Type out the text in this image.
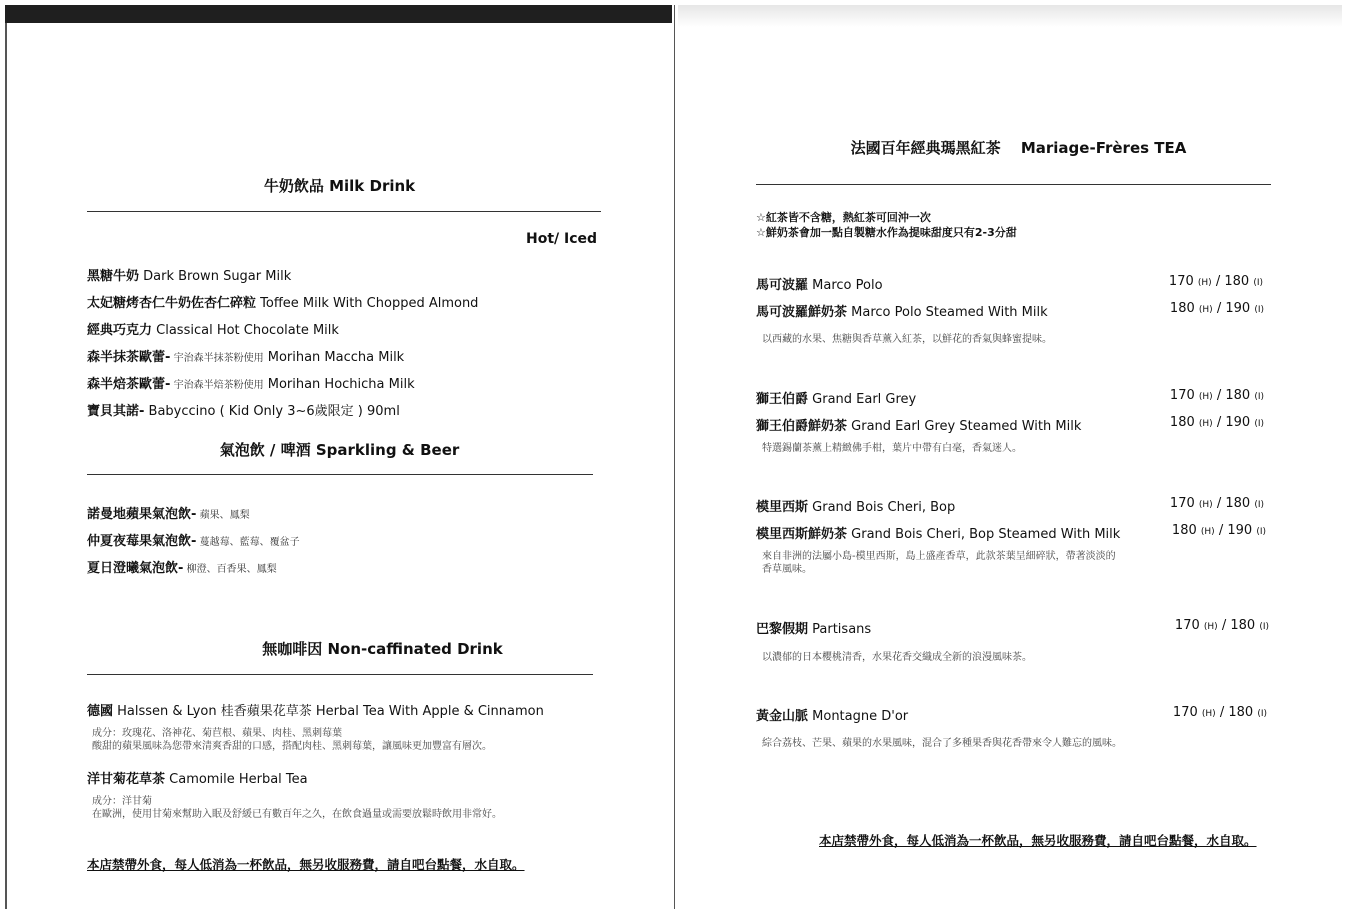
牛奶飲品 Milk Drink
Hot/ Iced
黑糖牛奶 Dark Brown Sugar Milk
太妃糖烤杏仁牛奶佐杏仁碎粒 Toffee Milk With Chopped Almond
經典巧克力 Classical Hot Chocolate Milk
森半抹茶歐蕾- 宇治森半抹茶粉使用 Morihan Maccha Milk
森半焙茶歐蕾- 宇治森半焙茶粉使用 Morihan Hochicha Milk
寶貝其諾- Babyccino ( Kid Only 3~6歲限定 ) 90ml
氣泡飲 / 啤酒 Sparkling & Beer
諾曼地蘋果氣泡飲- 蘋果、鳳梨
仲夏夜莓果氣泡飲- 蔓越莓、藍莓、覆盆子
夏日澄曦氣泡飲- 柳澄、百香果、鳳梨
無咖啡因 Non-caffinated Drink
德國 Halssen & Lyon 桂香蘋果花草茶 Herbal Tea With Apple & Cinnamon
成分：玫瑰花、洛神花、菊苣根、蘋果、肉桂、黑刺莓葉
酸甜的蘋果風味為您帶來清爽香甜的口感，搭配肉桂、黑刺莓葉，讓風味更加豐富有層次。
洋甘菊花草茶 Camomile Herbal Tea
成分：洋甘菊
在歐洲，使用甘菊來幫助入眠及舒緩已有數百年之久，在飲食過量或需要放鬆時飲用非常好。
本店禁帶外食，每人低消為一杯飲品，無另收服務費，請自吧台點餐，水自取。
法國百年經典瑪黑紅茶　 Mariage-Frères TEA
☆紅茶皆不含糖，熱紅茶可回沖一次
☆鮮奶茶會加一點自製糖水作為提味甜度只有2-3分甜
馬可波羅 Marco Polo	170 (H) / 180 (I)
馬可波羅鮮奶茶 Marco Polo Steamed With Milk	180 (H) / 190 (I)
獅王伯爵 Grand Earl Grey	170 (H) / 180 (I)
獅王伯爵鮮奶茶 Grand Earl Grey Steamed With Milk	180 (H) / 190 (I)
模里西斯 Grand Bois Cheri, Bop	170 (H) / 180 (I)
模里西斯鮮奶茶 Grand Bois Cheri, Bop Steamed With Milk	180 (H) / 190 (I)
巴黎假期 Partisans	170 (H) / 180 (I)
黃金山脈 Montagne D'or	170 (H) / 180 (I)
以西藏的水果、焦糖與香草薰入紅茶，以鮮花的香氣與蜂蜜提味。
特選錫蘭茶薰上精緻佛手柑，葉片中帶有白毫，香氣迷人。
來自非洲的法屬小島-模里西斯，島上盛產香草，此款茶葉呈細碎狀，帶著淡淡的
香草風味。
以濃郁的日本櫻桃清香，水果花香交織成全新的浪漫風味茶。
綜合荔枝、芒果、蘋果的水果風味，混合了多種果香與花香帶來令人難忘的風味。
本店禁帶外食，每人低消為一杯飲品，無另收服務費，請自吧台點餐，水自取。
